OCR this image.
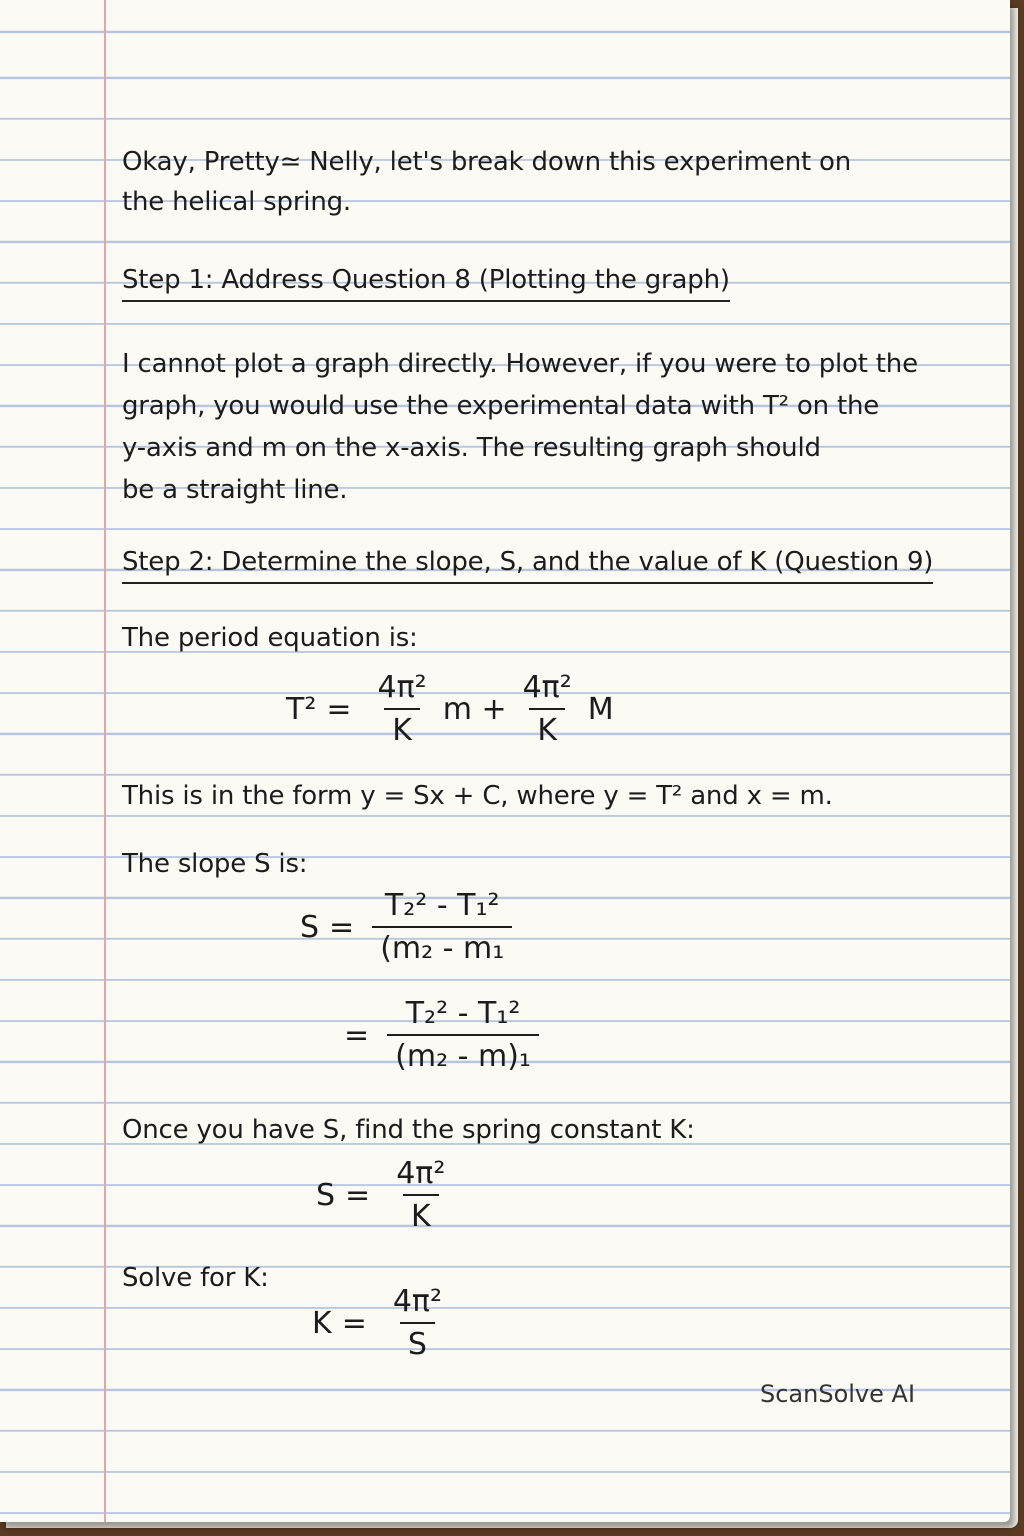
Okay, Pretty≃ Nelly, let's break down this experiment on
the helical spring.
Step 1: Address Question 8 (Plotting the graph)
I cannot plot a graph directly. However, if you were to plot the
graph, you would use the experimental data with T² on the
y-axis and m on the x-axis. The resulting graph should
be a straight line.
Step 2: Determine the slope, S, and the value of K (Question 9)
The period equation is:
$T^2 = \frac{\text{4π²}}{K}$ $m + \frac{\text{4π²}}{K}$ M
This is in the form y = Sx + C, where y = T² and x = m.
The slope S is:
$S = \frac{\text{T₂² - T₁²}}{\text{(m₂ - m₁}}$
= $\frac{\text{T₂² - T₁²}}{\text{(m₂ - m)₁}}$
Once you have S, find the spring constant K:
$S = \frac{\text{4π²}}{K}$
Solve for K:
$K = \frac{\text{4π²}}{S}$
ScanSolve AI
